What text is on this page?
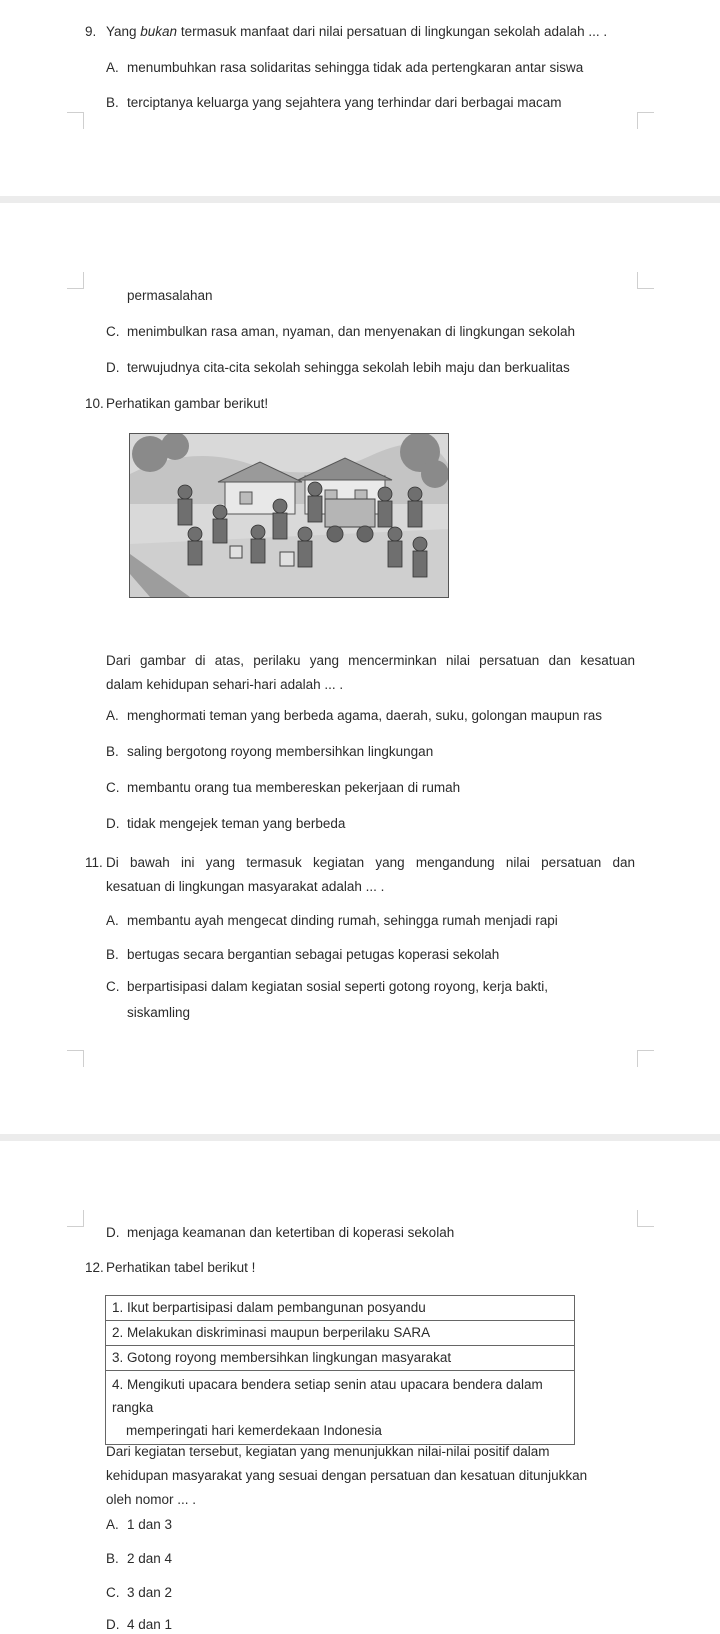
9. Yang bukan termasuk manfaat dari nilai persatuan di lingkungan sekolah adalah ... .
A. menumbuhkan rasa solidaritas sehingga tidak ada pertengkaran antar siswa
B. terciptanya keluarga yang sejahtera yang terhindar dari berbagai macam
permasalahan
C. menimbulkan rasa aman, nyaman, dan menyenakan di lingkungan sekolah
D. terwujudnya cita-cita sekolah sehingga sekolah lebih maju dan berkualitas
10. Perhatikan gambar berikut!
Dari gambar di atas, perilaku yang mencerminkan nilai persatuan dan kesatuan
dalam kehidupan sehari-hari adalah ... .
A. menghormati teman yang berbeda agama, daerah, suku, golongan maupun ras
B. saling bergotong royong membersihkan lingkungan
C. membantu orang tua membereskan pekerjaan di rumah
D. tidak mengejek teman yang berbeda
11. Di bawah ini yang termasuk kegiatan yang mengandung nilai persatuan dan
kesatuan di lingkungan masyarakat adalah ... .
A. membantu ayah mengecat dinding rumah, sehingga rumah menjadi rapi
B. bertugas secara bergantian sebagai petugas koperasi sekolah
C. berpartisipasi dalam kegiatan sosial seperti gotong royong, kerja bakti,
siskamling
D. menjaga keamanan dan ketertiban di koperasi sekolah
12. Perhatikan tabel berikut !
1. Ikut berpartisipasi dalam pembangunan posyandu
2. Melakukan diskriminasi maupun berperilaku SARA
3. Gotong royong membersihkan lingkungan masyarakat

4. Mengikuti upacara bendera setiap senin atau upacara bendera dalam
rangka
memperingati hari kemerdekaan Indonesia
Dari kegiatan tersebut, kegiatan yang menunjukkan nilai-nilai positif dalam
kehidupan masyarakat yang sesuai dengan persatuan dan kesatuan ditunjukkan
oleh nomor ... .
A. 1 dan 3
B. 2 dan 4
C. 3 dan 2
D. 4 dan 1
